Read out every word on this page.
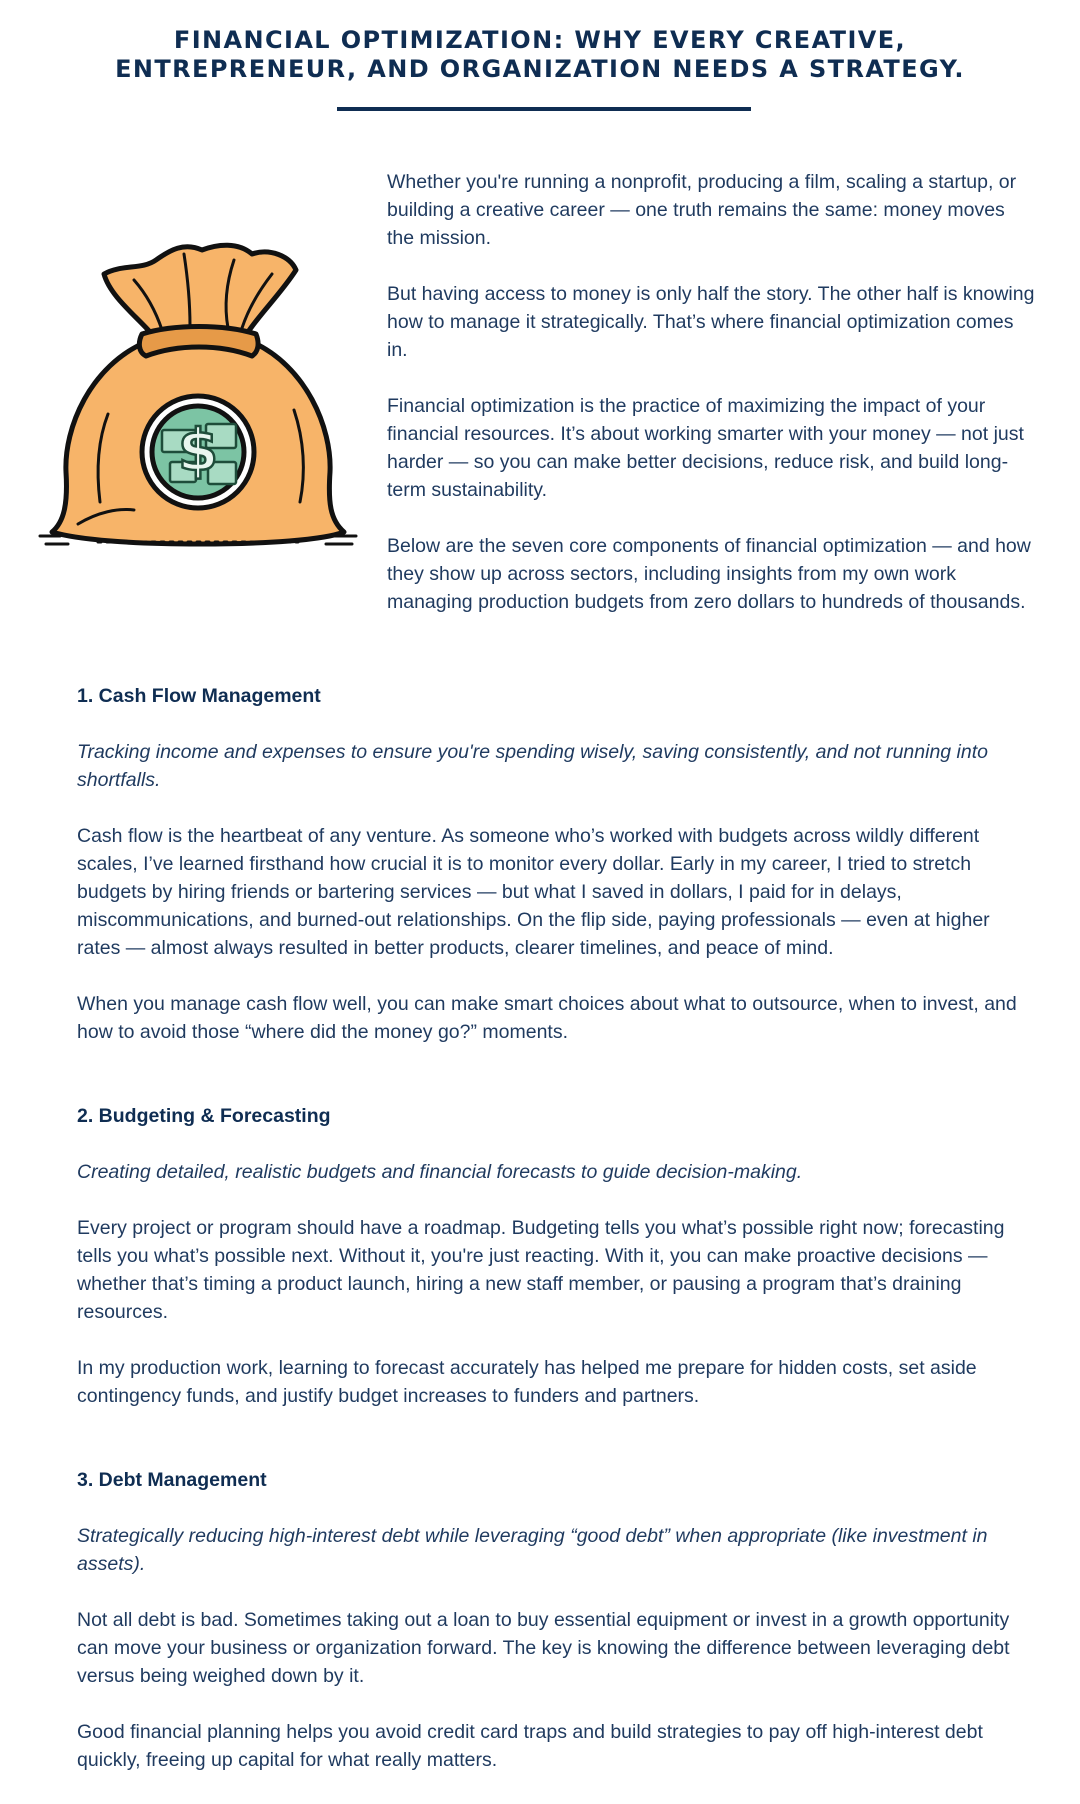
FINANCIAL OPTIMIZATION: WHY EVERY CREATIVE,
ENTREPRENEUR, AND ORGANIZATION NEEDS A STRATEGY.
$

Whether you're running a nonprofit, producing a film, scaling a startup, or building a creative career — one truth remains the same: money moves the mission.

But having access to money is only half the story. The other half is knowing how to manage it strategically. That’s where financial optimization comes in.

Financial optimization is the practice of maximizing the impact of your financial resources. It’s about working smarter with your money — not just harder — so you can make better decisions, reduce risk, and build long-term sustainability.

Below are the seven core components of financial optimization — and how they show up across sectors, including insights from my own work managing production budgets from zero dollars to hundreds of thousands.

1. Cash Flow Management

Tracking income and expenses to ensure you're spending wisely, saving consistently, and not running into shortfalls.

Cash flow is the heartbeat of any venture. As someone who’s worked with budgets across wildly different scales, I’ve learned firsthand how crucial it is to monitor every dollar. Early in my career, I tried to stretch budgets by hiring friends or bartering services — but what I saved in dollars, I paid for in delays, miscommunications, and burned-out relationships. On the flip side, paying professionals — even at higher rates — almost always resulted in better products, clearer timelines, and peace of mind.

When you manage cash flow well, you can make smart choices about what to outsource, when to invest, and how to avoid those “where did the money go?” moments.

2. Budgeting & Forecasting

Creating detailed, realistic budgets and financial forecasts to guide decision-making.

Every project or program should have a roadmap. Budgeting tells you what’s possible right now; forecasting tells you what’s possible next. Without it, you're just reacting. With it, you can make proactive decisions — whether that’s timing a product launch, hiring a new staff member, or pausing a program that’s draining resources.

In my production work, learning to forecast accurately has helped me prepare for hidden costs, set aside contingency funds, and justify budget increases to funders and partners.

3. Debt Management

Strategically reducing high-interest debt while leveraging “good debt” when appropriate (like investment in assets).

Not all debt is bad. Sometimes taking out a loan to buy essential equipment or invest in a growth opportunity can move your business or organization forward. The key is knowing the difference between leveraging debt versus being weighed down by it.

Good financial planning helps you avoid credit card traps and build strategies to pay off high-interest debt quickly, freeing up capital for what really matters.
